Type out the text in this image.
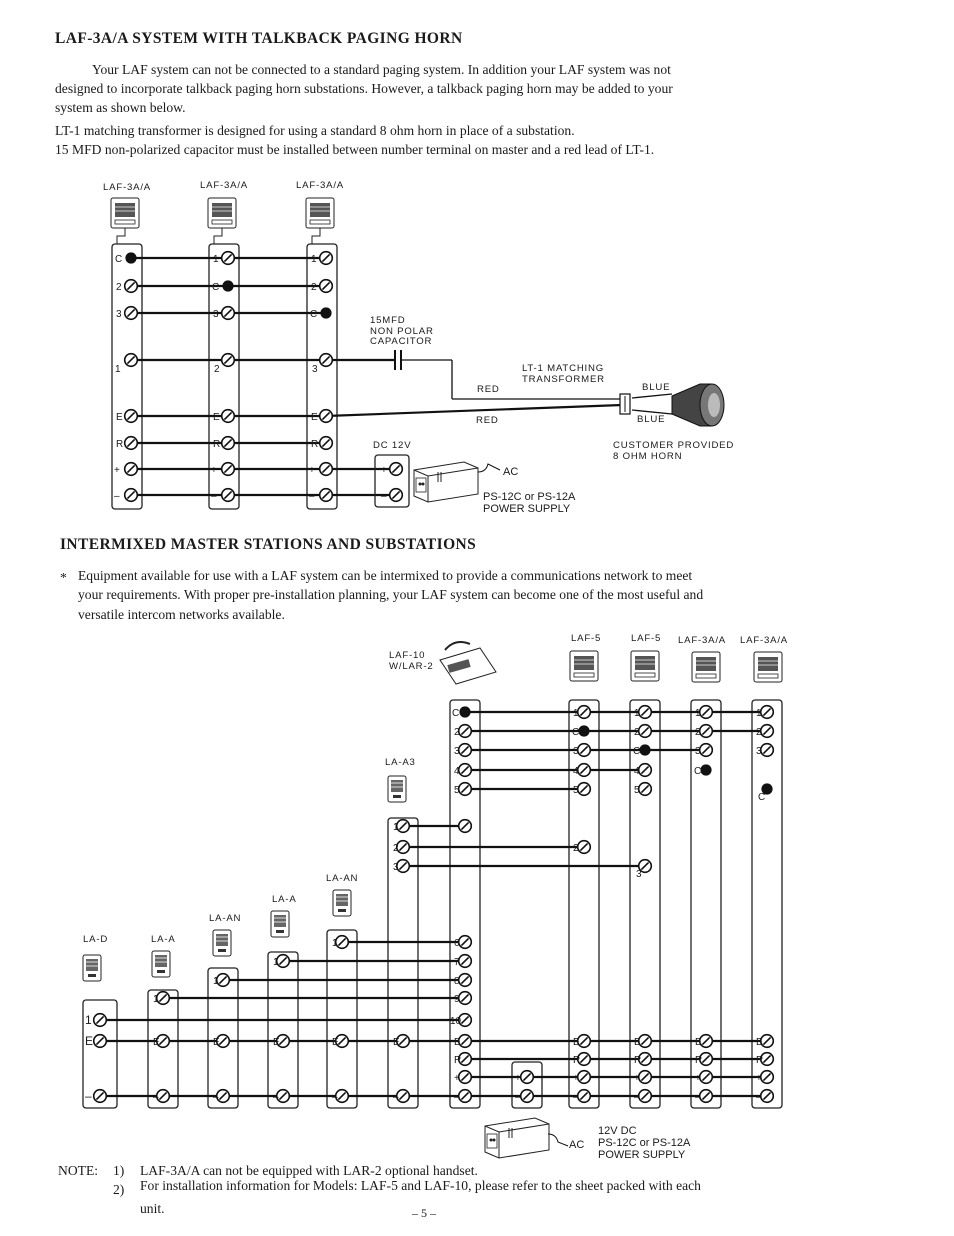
LAF-3A/A SYSTEM WITH TALKBACK PAGING HORN
Your LAF system can not be connected to a standard paging system. In addition your LAF system was not
designed to incorporate talkback paging horn substations. However, a talkback paging horn may be added to your
system as shown below.
LT-1 matching transformer is designed for using a standard 8 ohm horn in place of a substation.
15 MFD non-polarized capacitor must be installed between number terminal on master and a red lead of LT-1.
INTERMIXED MASTER STATIONS AND SUBSTATIONS
* Equipment available for use with a LAF system can be intermixed to provide a communications network to meet
your requirements. With proper pre-installation planning, your LAF system can become one of the most useful and
versatile intercom networks available.
NOTE: 1) LAF-3A/A can not be equipped with LAR-2 optional handset.
2) For installation information for Models: LAF-5 and LAF-10, please refer to the sheet packed with each
unit.	– 5 –
LAF-3A/A	LAF-3A/A	LAF-3A/A
15MFD
NON POLAR
CAPACITOR
LT-1 MATCHING
TRANSFORMER
RED
RED
BLUE
BLUE
CUSTOMER PROVIDED
8 OHM HORN
DC 12V
AC
PS-12C or PS-12A
POWER SUPPLY
LAF-5	LAF-5 LAF-3A/A LAF-3A/A
LAF-10
W/LAR-2
LA-D	LA-A
LA-AN
LA-A
LA-AN
LA-A3
12V DC
AC PS-12C or PS-12A
POWER SUPPLY
C
2
3
1
E
R
+
–
1
C
3
2
E
R
+
–
1
2
C
3
E
R
+
–
+
–
C
2
3
4
5
6
7
8
9
10
E
R
+
–
1
C
3
4
5
2
E
R
+
–
1
2
C
4
5
3
E
R
+
–
1
2
3
C
E
R
+
–
1
2
3
C
E
R
+
–
1
2
3
E
–
1
E
–
1
E
–
1
E
–
1
E
–
1
E
–
+
–
